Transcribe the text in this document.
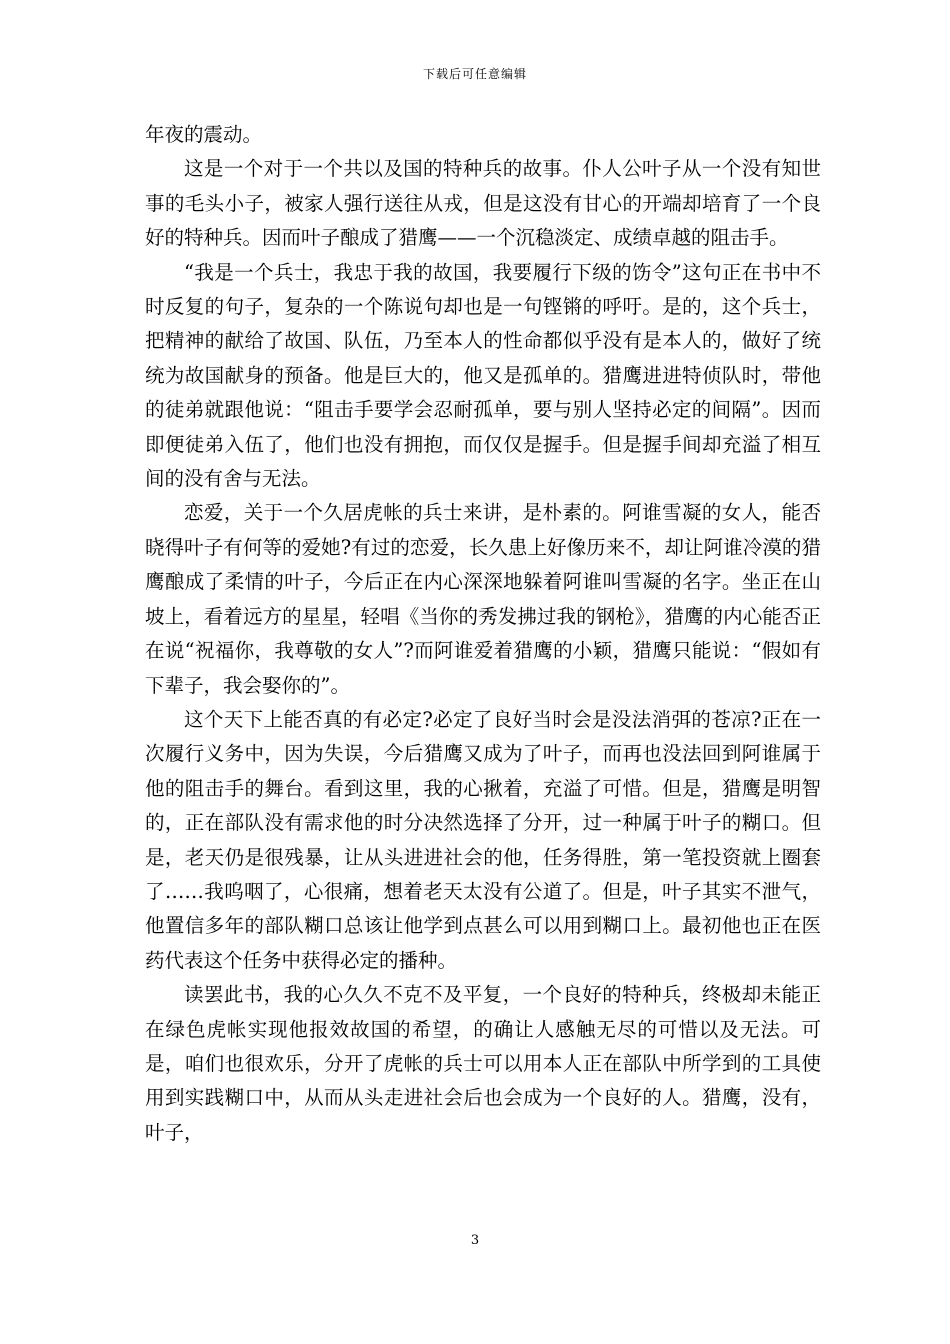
下载后可任意编辑

年夜的震动。

这是一个对于一个共以及国的特种兵的故事。仆人公叶子从一个没有知世事的毛头小子，被家人强行送往从戎，但是这没有甘心的开端却培育了一个良好的特种兵。因而叶子酿成了猎鹰——一个沉稳淡定、成绩卓越的阻击手。

“我是一个兵士，我忠于我的故国，我要履行下级的饬令”这句正在书中不时反复的句子，复杂的一个陈说句却也是一句铿锵的呼吁。是的，这个兵士，把精神的献给了故国、队伍，乃至本人的性命都似乎没有是本人的，做好了统统为故国献身的预备。他是巨大的，他又是孤单的。猎鹰进进特侦队时，带他的徒弟就跟他说：“阻击手要学会忍耐孤单，要与别人坚持必定的间隔”。因而即便徒弟入伍了，他们也没有拥抱，而仅仅是握手。但是握手间却充溢了相互间的没有舍与无法。

恋爱，关于一个久居虎帐的兵士来讲，是朴素的。阿谁雪凝的女人，能否晓得叶子有何等的爱她?有过的恋爱，长久患上好像历来不，却让阿谁冷漠的猎鹰酿成了柔情的叶子，今后正在内心深深地躲着阿谁叫雪凝的名字。坐正在山坡上，看着远方的星星，轻唱《当你的秀发拂过我的钢枪》，猎鹰的内心能否正在说“祝福你，我尊敬的女人”?而阿谁爱着猎鹰的小颖，猎鹰只能说：“假如有下辈子，我会娶你的”。

这个天下上能否真的有必定?必定了良好当时会是没法消弭的苍凉?正在一次履行义务中，因为失误，今后猎鹰又成为了叶子，而再也没法回到阿谁属于他的阻击手的舞台。看到这里，我的心揪着，充溢了可惜。但是，猎鹰是明智的，正在部队没有需求他的时分决然选择了分开，过一种属于叶子的糊口。但是，老天仍是很残暴，让从头进进社会的他，任务得胜，第一笔投资就上圈套了……我呜咽了，心很痛，想着老天太没有公道了。但是，叶子其实不泄气，他置信多年的部队糊口总该让他学到点甚么可以用到糊口上。最初他也正在医药代表这个任务中获得必定的播种。

读罢此书，我的心久久不克不及平复，一个良好的特种兵，终极却未能正在绿色虎帐实现他报效故国的希望，的确让人感触无尽的可惜以及无法。可是，咱们也很欢乐，分开了虎帐的兵士可以用本人正在部队中所学到的工具使用到实践糊口中，从而从头走进社会后也会成为一个良好的人。猎鹰，没有，叶子，

3
